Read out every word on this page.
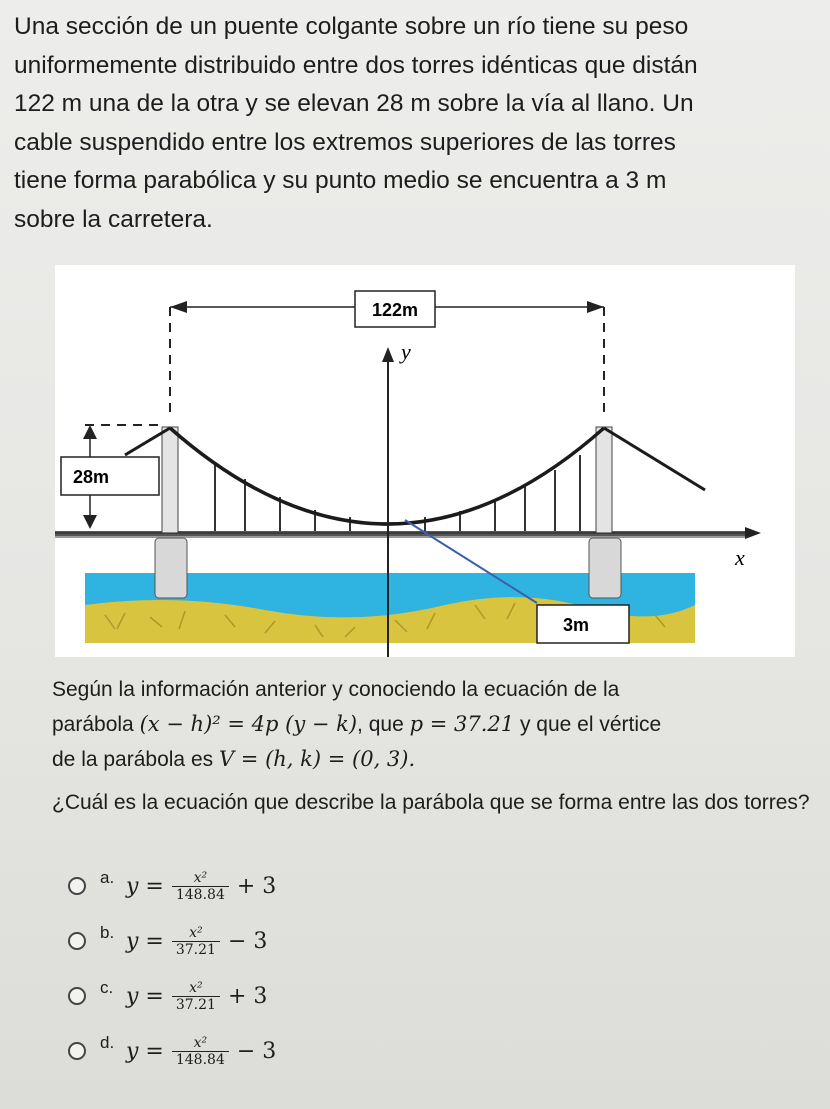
Una sección de un puente colgante sobre un río tiene su peso
uniformemente distribuido entre dos torres idénticas que distán
122 m una de la otra y se elevan 28 m sobre la vía al llano. Un
cable suspendido entre los extremos superiores de las torres
tiene forma parabólica y su punto medio se encuentra a 3 m
sobre la carretera.
y
x
122m
28m
3m
Según la información anterior y conociendo la ecuación de la
parábola (x − h)² = 4p (y − k), que p = 37.21 y que el vértice
de la parábola es V = (h, k) = (0, 3).
¿Cuál es la ecuación que describe la parábola que se forma entre las dos torres?
a. $y = \frac{\text{x²}}{148.84} + 3$
b. $y = \frac{\text{x²}}{37.21} - 3$
c. $y = \frac{\text{x²}}{37.21} + 3$
d. $y = \frac{\text{x²}}{148.84} - 3$
